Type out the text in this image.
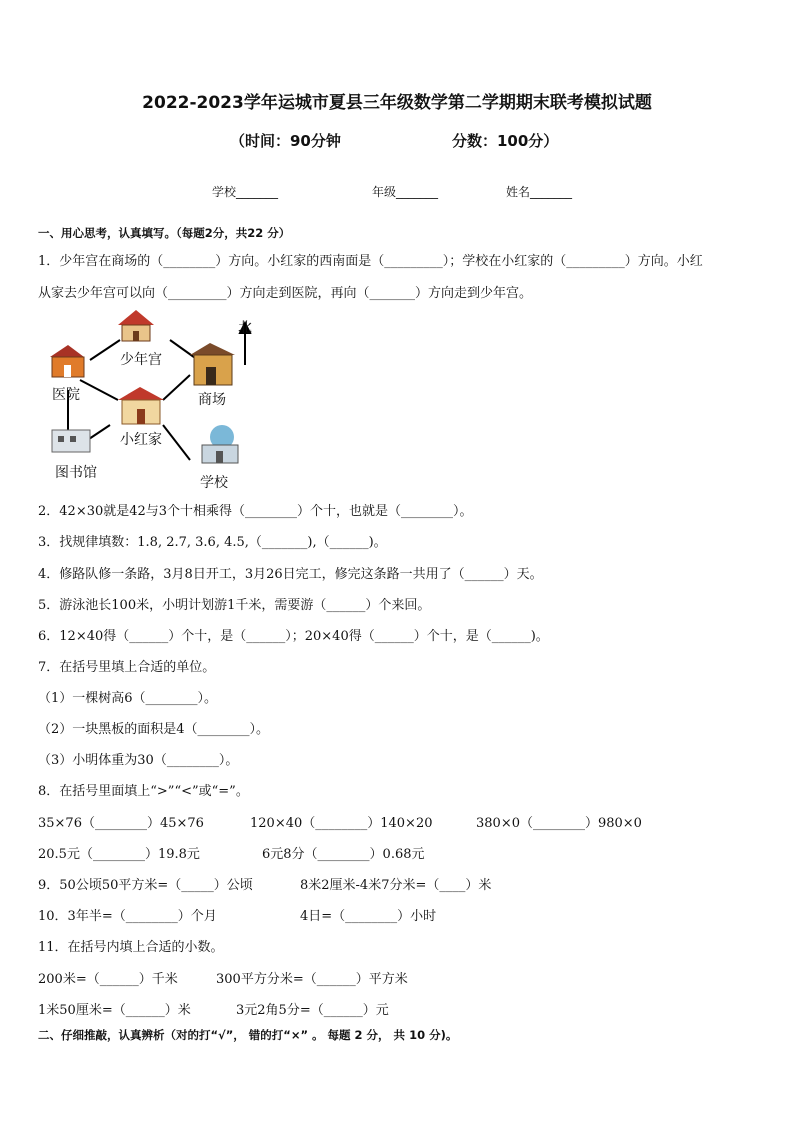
2022-2023学年运城市夏县三年级数学第二学期期末联考模拟试题
（时间：90分钟	分数：100分）
学校_______	年级_______	姓名_______
一、用心思考，认真填写。（每题2分，共22 分）
1．少年宫在商场的（________）方向。小红家的西南面是（_________）；学校在小红家的（_________）方向。小红
从家去少年宫可以向（_________）方向走到医院，再向（_______）方向走到少年宫。
北
少年宫
医院	商场
小红家
图书馆
学校
2．42×30就是42与3个十相乘得（________）个十，也就是（________）。
3．找规律填数：1.8, 2.7, 3.6, 4.5,（_______),（______)。
4．修路队修一条路，3月8日开工，3月26日完工，修完这条路一共用了（______）天。
5．游泳池长100米，小明计划游1千米，需要游（______）个来回。
6．12×40得（______）个十，是（______）；20×40得（______）个十，是（______)。
7．在括号里填上合适的单位。
（1）一棵树高6（________）。
（2）一块黑板的面积是4（________）。
（3）小明体重为30（________）。
8．在括号里面填上“>”“<”或“=”。
35×76（________）45×76	120×40（________）140×20	380×0（________）980×0
20.5元（________）19.8元	6元8分（________）0.68元
9．50公顷50平方米=（_____）公顷	8米2厘米-4米7分米=（____）米
10．3年半=（________）个月	4日=（________）小时
11．在括号内填上合适的小数。
200米=（______）千米	300平方分米=（______）平方米
1米50厘米=（______）米	3元2角5分=（______）元
二、仔细推敲，认真辨析（对的打“√”， 错的打“×” 。 每题 2 分， 共 10 分)。
